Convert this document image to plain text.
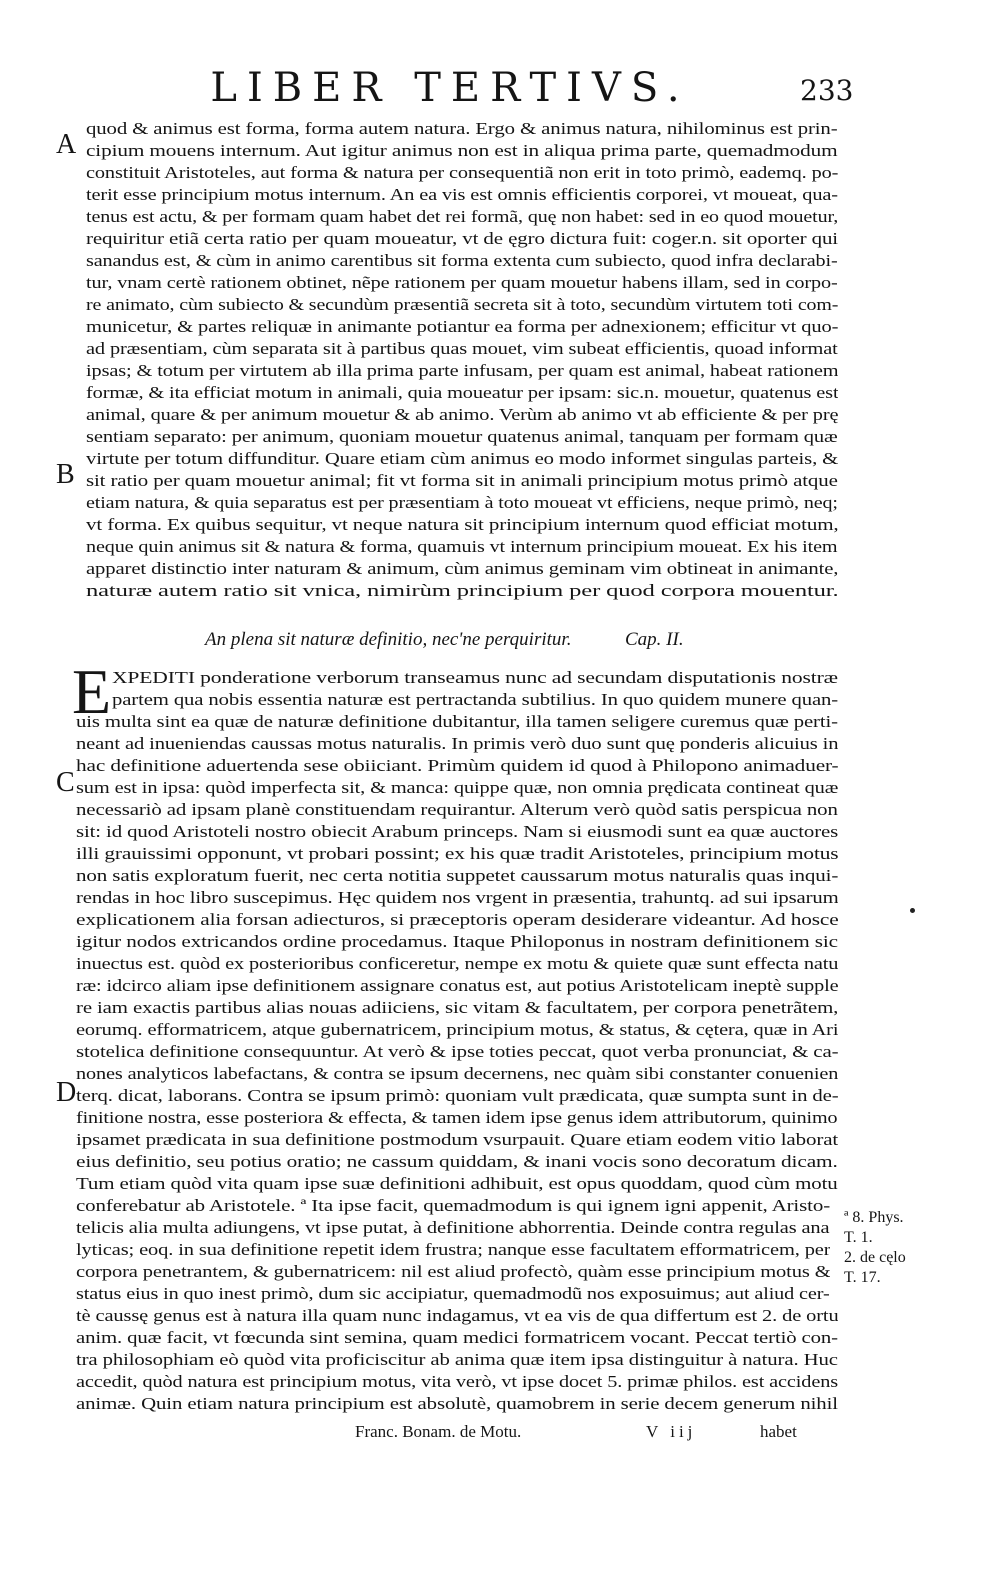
LIBER TERTIVS.	233
A
B
C
D
quod & animus est forma, forma autem natura. Ergo & animus natura, nihilominus est prin-
cipium mouens internum. Aut igitur animus non est in aliqua prima parte, quemadmodum
constituit Aristoteles, aut forma & natura per consequentiã non erit in toto primò, eademq. po-
terit esse principium motus internum. An ea vis est omnis efficientis corporei, vt moueat, qua-
tenus est actu, & per formam quam habet det rei formã, quę non habet: sed in eo quod mouetur,
requiritur etiã certa ratio per quam moueatur, vt de ęgro dictura fuit: coger.n. sit oporter qui
sanandus est, & cùm in animo carentibus sit forma extenta cum subiecto, quod infra declarabi-
tur, vnam certè rationem obtinet, nẽpe rationem per quam mouetur habens illam, sed in corpo-
re animato, cùm subiecto & secundùm præsentiã secreta sit à toto, secundùm virtutem toti com-
municetur, & partes reliquæ in animante potiantur ea forma per adnexionem; efficitur vt quo-
ad præsentiam, cùm separata sit à partibus quas mouet, vim subeat efficientis, quoad informat
ipsas; & totum per virtutem ab illa prima parte infusam, per quam est animal, habeat rationem
formæ, & ita efficiat motum in animali, quia moueatur per ipsam: sic.n. mouetur, quatenus est
animal, quare & per animum mouetur & ab animo. Verùm ab animo vt ab efficiente & per prę
sentiam separato: per animum, quoniam mouetur quatenus animal, tanquam per formam quæ
virtute per totum diffunditur. Quare etiam cùm animus eo modo informet singulas parteis, &
sit ratio per quam mouetur animal; fit vt forma sit in animali principium motus primò atque
etiam natura, & quia separatus est per præsentiam à toto moueat vt efficiens, neque primò, neq;
vt forma. Ex quibus sequitur, vt neque natura sit principium internum quod efficiat motum,
neque quin animus sit & natura & forma, quamuis vt internum principium moueat. Ex his item
apparet distinctio inter naturam & animum, cùm animus geminam vim obtineat in animante,
naturæ autem ratio sit vnica, nimirùm principium per quod corpora mouentur.
An plena sit naturæ definitio, nec'ne perquiritur.	Cap. II.
E XPEDITI ponderatione verborum transeamus nunc ad secundam disputationis nostræ
partem qua nobis essentia naturæ est pertractanda subtilius. In quo quidem munere quan-
uis multa sint ea quæ de naturæ definitione dubitantur, illa tamen seligere curemus quæ perti-
neant ad inueniendas caussas motus naturalis. In primis verò duo sunt quę ponderis alicuius in
hac definitione aduertenda sese obiiciant. Primùm quidem id quod à Philopono animaduer-
sum est in ipsa: quòd imperfecta sit, & manca: quippe quæ, non omnia prędicata contineat quæ
necessariò ad ipsam planè constituendam requirantur. Alterum verò quòd satis perspicua non
sit: id quod Aristoteli nostro obiecit Arabum princeps. Nam si eiusmodi sunt ea quæ auctores
illi grauissimi opponunt, vt probari possint; ex his quæ tradit Aristoteles, principium motus
non satis exploratum fuerit, nec certa notitia suppetet caussarum motus naturalis quas inqui-
rendas in hoc libro suscepimus. Hęc quidem nos vrgent in præsentia, trahuntq. ad sui ipsarum
explicationem alia forsan adiecturos, si præceptoris operam desiderare videantur. Ad hosce
igitur nodos extricandos ordine procedamus. Itaque Philoponus in nostram definitionem sic
inuectus est. quòd ex posterioribus conficeretur, nempe ex motu & quiete quæ sunt effecta natu
ræ: idcirco aliam ipse definitionem assignare conatus est, aut potius Aristotelicam ineptè supple
re iam exactis partibus alias nouas adiiciens, sic vitam & facultatem, per corpora penetrãtem,
eorumq. efformatricem, atque gubernatricem, principium motus, & status, & cętera, quæ in Ari
stotelica definitione consequuntur. At verò & ipse toties peccat, quot verba pronunciat, & ca-
nones analyticos labefactans, & contra se ipsum decernens, nec quàm sibi constanter conuenien
terq. dicat, laborans. Contra se ipsum primò: quoniam vult prædicata, quæ sumpta sunt in de-
finitione nostra, esse posteriora & effecta, & tamen idem ipse genus idem attributorum, quinimo
ipsamet prædicata in sua definitione postmodum vsurpauit. Quare etiam eodem vitio laborat
eius definitio, seu potius oratio; ne cassum quiddam, & inani vocis sono decoratum dicam.
Tum etiam quòd vita quam ipse suæ definitioni adhibuit, est opus quoddam, quod cùm motu
conferebatur ab Aristotele. ª Ita ipse facit, quemadmodum is qui ignem igni appenit, Aristo-
telicis alia multa adiungens, vt ipse putat, à definitione abhorrentia. Deinde contra regulas ana
lyticas; eoq. in sua definitione repetit idem frustra; nanque esse facultatem efformatricem, per
corpora penetrantem, & gubernatricem: nil est aliud profectò, quàm esse principium motus &
status eius in quo inest primò, dum sic accipiatur, quemadmodũ nos exposuimus; aut aliud cer-
tè caussę genus est à natura illa quam nunc indagamus, vt ea vis de qua differtum est 2. de ortu
anim. quæ facit, vt fœcunda sint semina, quam medici formatricem vocant. Peccat tertiò con-
tra philosophiam eò quòd vita proficiscitur ab anima quæ item ipsa distinguitur à natura. Huc
accedit, quòd natura est principium motus, vita verò, vt ipse docet 5. primæ philos. est accidens
animæ. Quin etiam natura principium est absolutè, quamobrem in serie decem generum nihil
ª 8. Phys.
T. 1.
2. de cęlo
T. 17.
Franc. Bonam. de Motu.	V iij	habet
